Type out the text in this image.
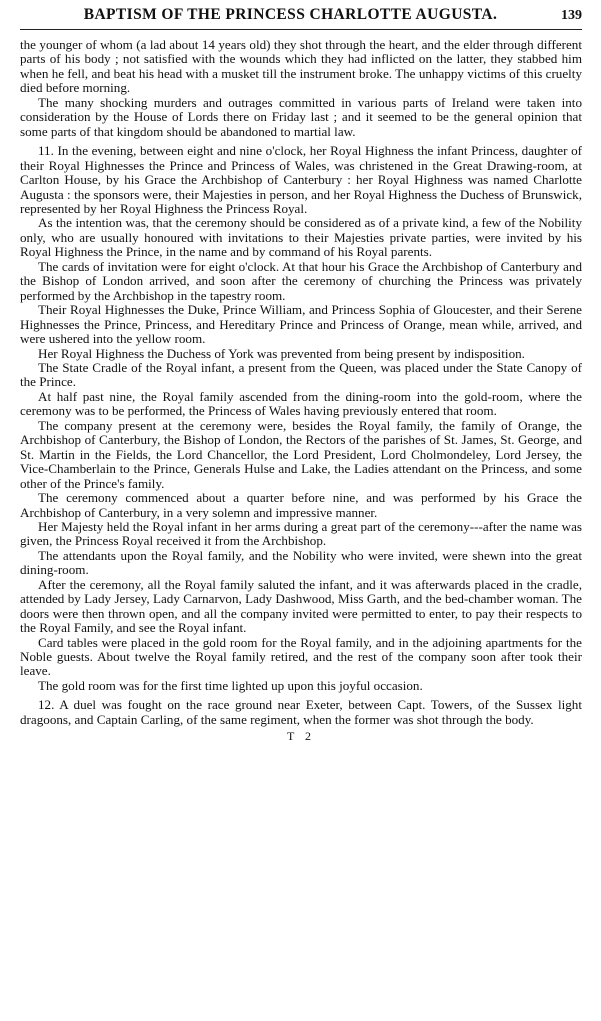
BAPTISM OF THE PRINCESS CHARLOTTE AUGUSTA.	139

the younger of whom (a lad about 14 years old) they shot through the heart, and the elder through different parts of his body ; not satisfied with the wounds which they had inflicted on the latter, they stabbed him when he fell, and beat his head with a musket till the instrument broke. The unhappy victims of this cruelty died before morning.

The many shocking murders and outrages committed in various parts of Ireland were taken into consideration by the House of Lords there on Friday last ; and it seemed to be the general opinion that some parts of that kingdom should be abandoned to martial law.

11. In the evening, between eight and nine o'clock, her Royal Highness the infant Princess, daughter of their Royal Highnesses the Prince and Princess of Wales, was christened in the Great Drawing-room, at Carlton House, by his Grace the Archbishop of Canterbury : her Royal Highness was named Charlotte Augusta : the sponsors were, their Majesties in person, and her Royal Highness the Duchess of Brunswick, represented by her Royal Highness the Princess Royal.

As the intention was, that the ceremony should be considered as of a private kind, a few of the Nobility only, who are usually honoured with invitations to their Majesties private parties, were invited by his Royal Highness the Prince, in the name and by command of his Royal parents.

The cards of invitation were for eight o'clock. At that hour his Grace the Archbishop of Canterbury and the Bishop of London arrived, and soon after the ceremony of churching the Princess was privately performed by the Archbishop in the tapestry room.

Their Royal Highnesses the Duke, Prince William, and Princess Sophia of Gloucester, and their Serene Highnesses the Prince, Princess, and Hereditary Prince and Princess of Orange, mean while, arrived, and were ushered into the yellow room.

Her Royal Highness the Duchess of York was prevented from being present by indisposition.

The State Cradle of the Royal infant, a present from the Queen, was placed under the State Canopy of the Prince.

At half past nine, the Royal family ascended from the dining-room into the gold-room, where the ceremony was to be performed, the Princess of Wales having previously entered that room.

The company present at the ceremony were, besides the Royal family, the family of Orange, the Archbishop of Canterbury, the Bishop of London, the Rectors of the parishes of St. James, St. George, and St. Martin in the Fields, the Lord Chancellor, the Lord President, Lord Cholmondeley, Lord Jersey, the Vice-Chamberlain to the Prince, Generals Hulse and Lake, the Ladies attendant on the Princess, and some other of the Prince's family.

The ceremony commenced about a quarter before nine, and was performed by his Grace the Archbishop of Canterbury, in a very solemn and impressive manner.

Her Majesty held the Royal infant in her arms during a great part of the ceremony---after the name was given, the Princess Royal received it from the Archbishop.

The attendants upon the Royal family, and the Nobility who were invited, were shewn into the great dining-room.

After the ceremony, all the Royal family saluted the infant, and it was afterwards placed in the cradle, attended by Lady Jersey, Lady Carnarvon, Lady Dashwood, Miss Garth, and the bed-chamber woman. The doors were then thrown open, and all the company invited were permitted to enter, to pay their respects to the Royal Family, and see the Royal infant.

Card tables were placed in the gold room for the Royal family, and in the adjoining apartments for the Noble guests. About twelve the Royal family retired, and the rest of the company soon after took their leave.

The gold room was for the first time lighted up upon this joyful occasion.

12. A duel was fought on the race ground near Exeter, between Capt. Towers, of the Sussex light dragoons, and Captain Carling, of the same regiment, when the former was shot through the body.

T 2
